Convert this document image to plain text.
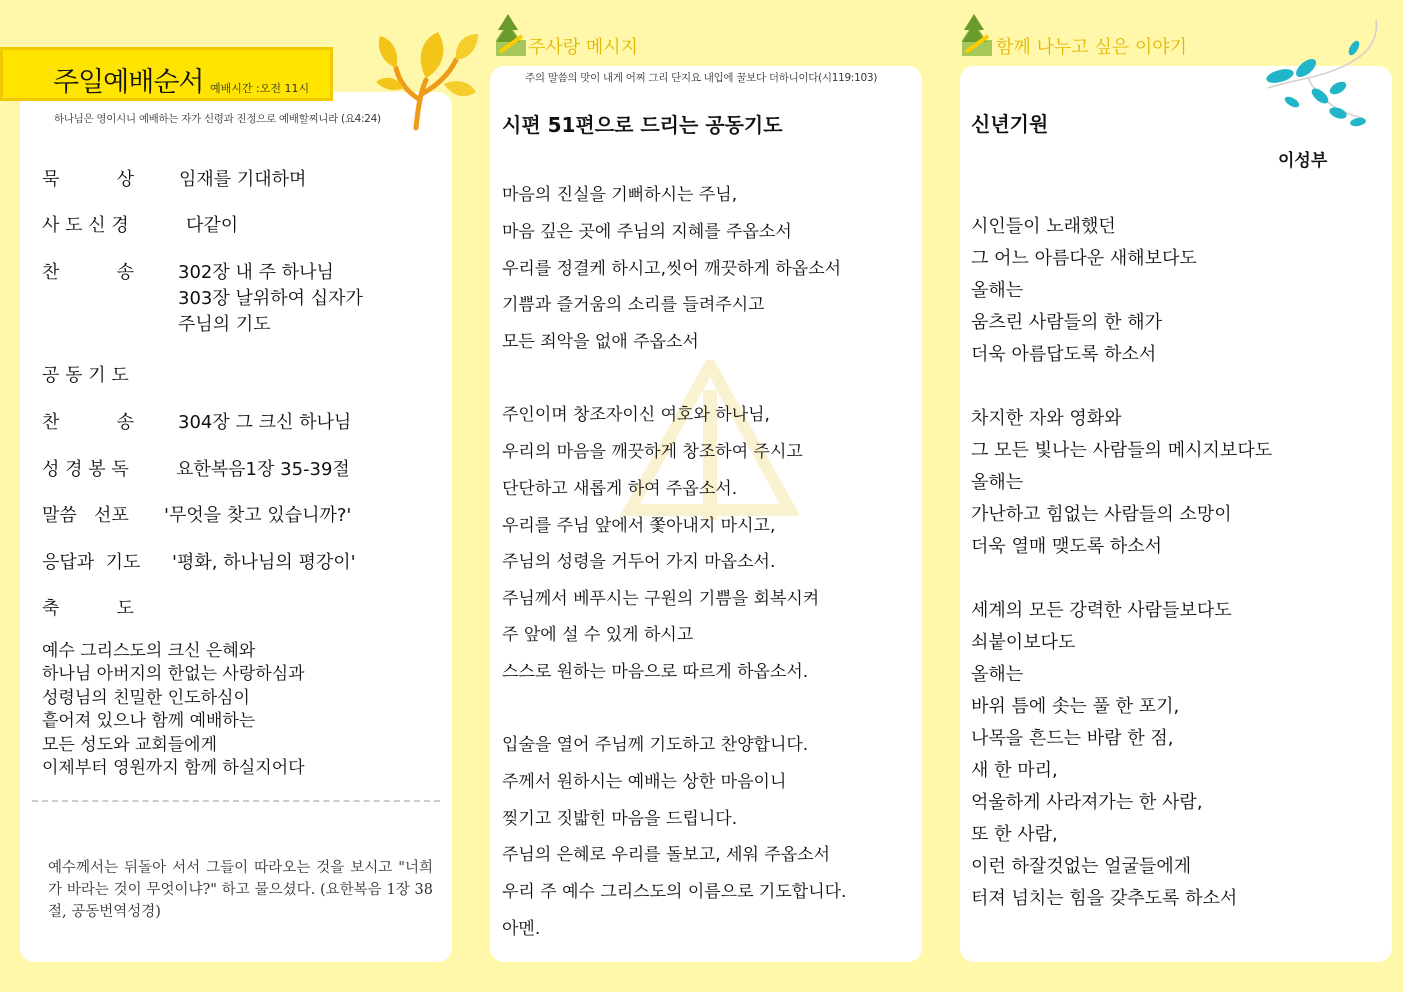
주일예배순서 예배시간 :오전 11시
하나님은 영이시니 예배하는 자가 신령과 진정으로 예배할찌니라 (요4:24)
묵          상	임재를 기대하며
사 도 신 경	다같이
찬          송 302장 내 주 하나님
303장 날위하여 십자가
주님의 기도
공 동 기 도
찬          송 304장 그 크신 하나님
성 경 봉 독	요한복음1장 35-39절
말씀   선포 '무엇을 찾고 있습니까?'
응답과  기도 '평화, 하나님의 평강이'
축          도
예수 그리스도의 크신 은혜와
하나님 아버지의 한없는 사랑하심과
성령님의 친밀한 인도하심이
흩어져 있으나 함께 예배하는
모든 성도와 교회들에게
이제부터 영원까지 함께 하실지어다
예수께서는 뒤돌아 서서 그들이 따라오는 것을 보시고 "너희가 바라는 것이 무엇이냐?" 하고 물으셨다. (요한복음 1장 38절, 공동번역성경)
주사랑 메시지
주의 말씀의 맛이 내게 어찌 그리 단지요 내입에 꿀보다 더하니이다(시119:103)
시편 51편으로 드리는 공동기도
마음의 진실을 기뻐하시는 주님,
마음 깊은 곳에 주님의 지혜를 주옵소서
우리를 정결케 하시고,씻어 깨끗하게 하옵소서
기쁨과 즐거움의 소리를 들려주시고
모든 죄악을 없애 주옵소서
주인이며 창조자이신 여호와 하나님,
우리의 마음을 깨끗하게 창조하여 주시고
단단하고 새롭게 하여 주옵소서.
우리를 주님 앞에서 쫓아내지 마시고,
주님의 성령을 거두어 가지 마옵소서.
주님께서 베푸시는 구원의 기쁨을 회복시켜
주 앞에 설 수 있게 하시고
스스로 원하는 마음으로 따르게 하옵소서.
입술을 열어 주님께 기도하고 찬양합니다.
주께서 원하시는 예배는 상한 마음이니
찢기고 짓밟힌 마음을 드립니다.
주님의 은혜로 우리를 돌보고, 세워 주옵소서
우리 주 예수 그리스도의 이름으로 기도합니다.
아멘.
함께 나누고 싶은 이야기
신년기원
이성부
시인들이 노래했던
그 어느 아름다운 새해보다도
올해는
움츠린 사람들의 한 해가
더욱 아름답도록 하소서
차지한 자와 영화와
그 모든 빛나는 사람들의 메시지보다도
올해는
가난하고 힘없는 사람들의 소망이
더욱 열매 맺도록 하소서
세계의 모든 강력한 사람들보다도
쇠붙이보다도
올해는
바위 틈에 솟는 풀 한 포기,
나목을 흔드는 바람 한 점,
새 한 마리,
억울하게 사라져가는 한 사람,
또 한 사람,
이런 하잘것없는 얼굴들에게
터져 넘치는 힘을 갖추도록 하소서
